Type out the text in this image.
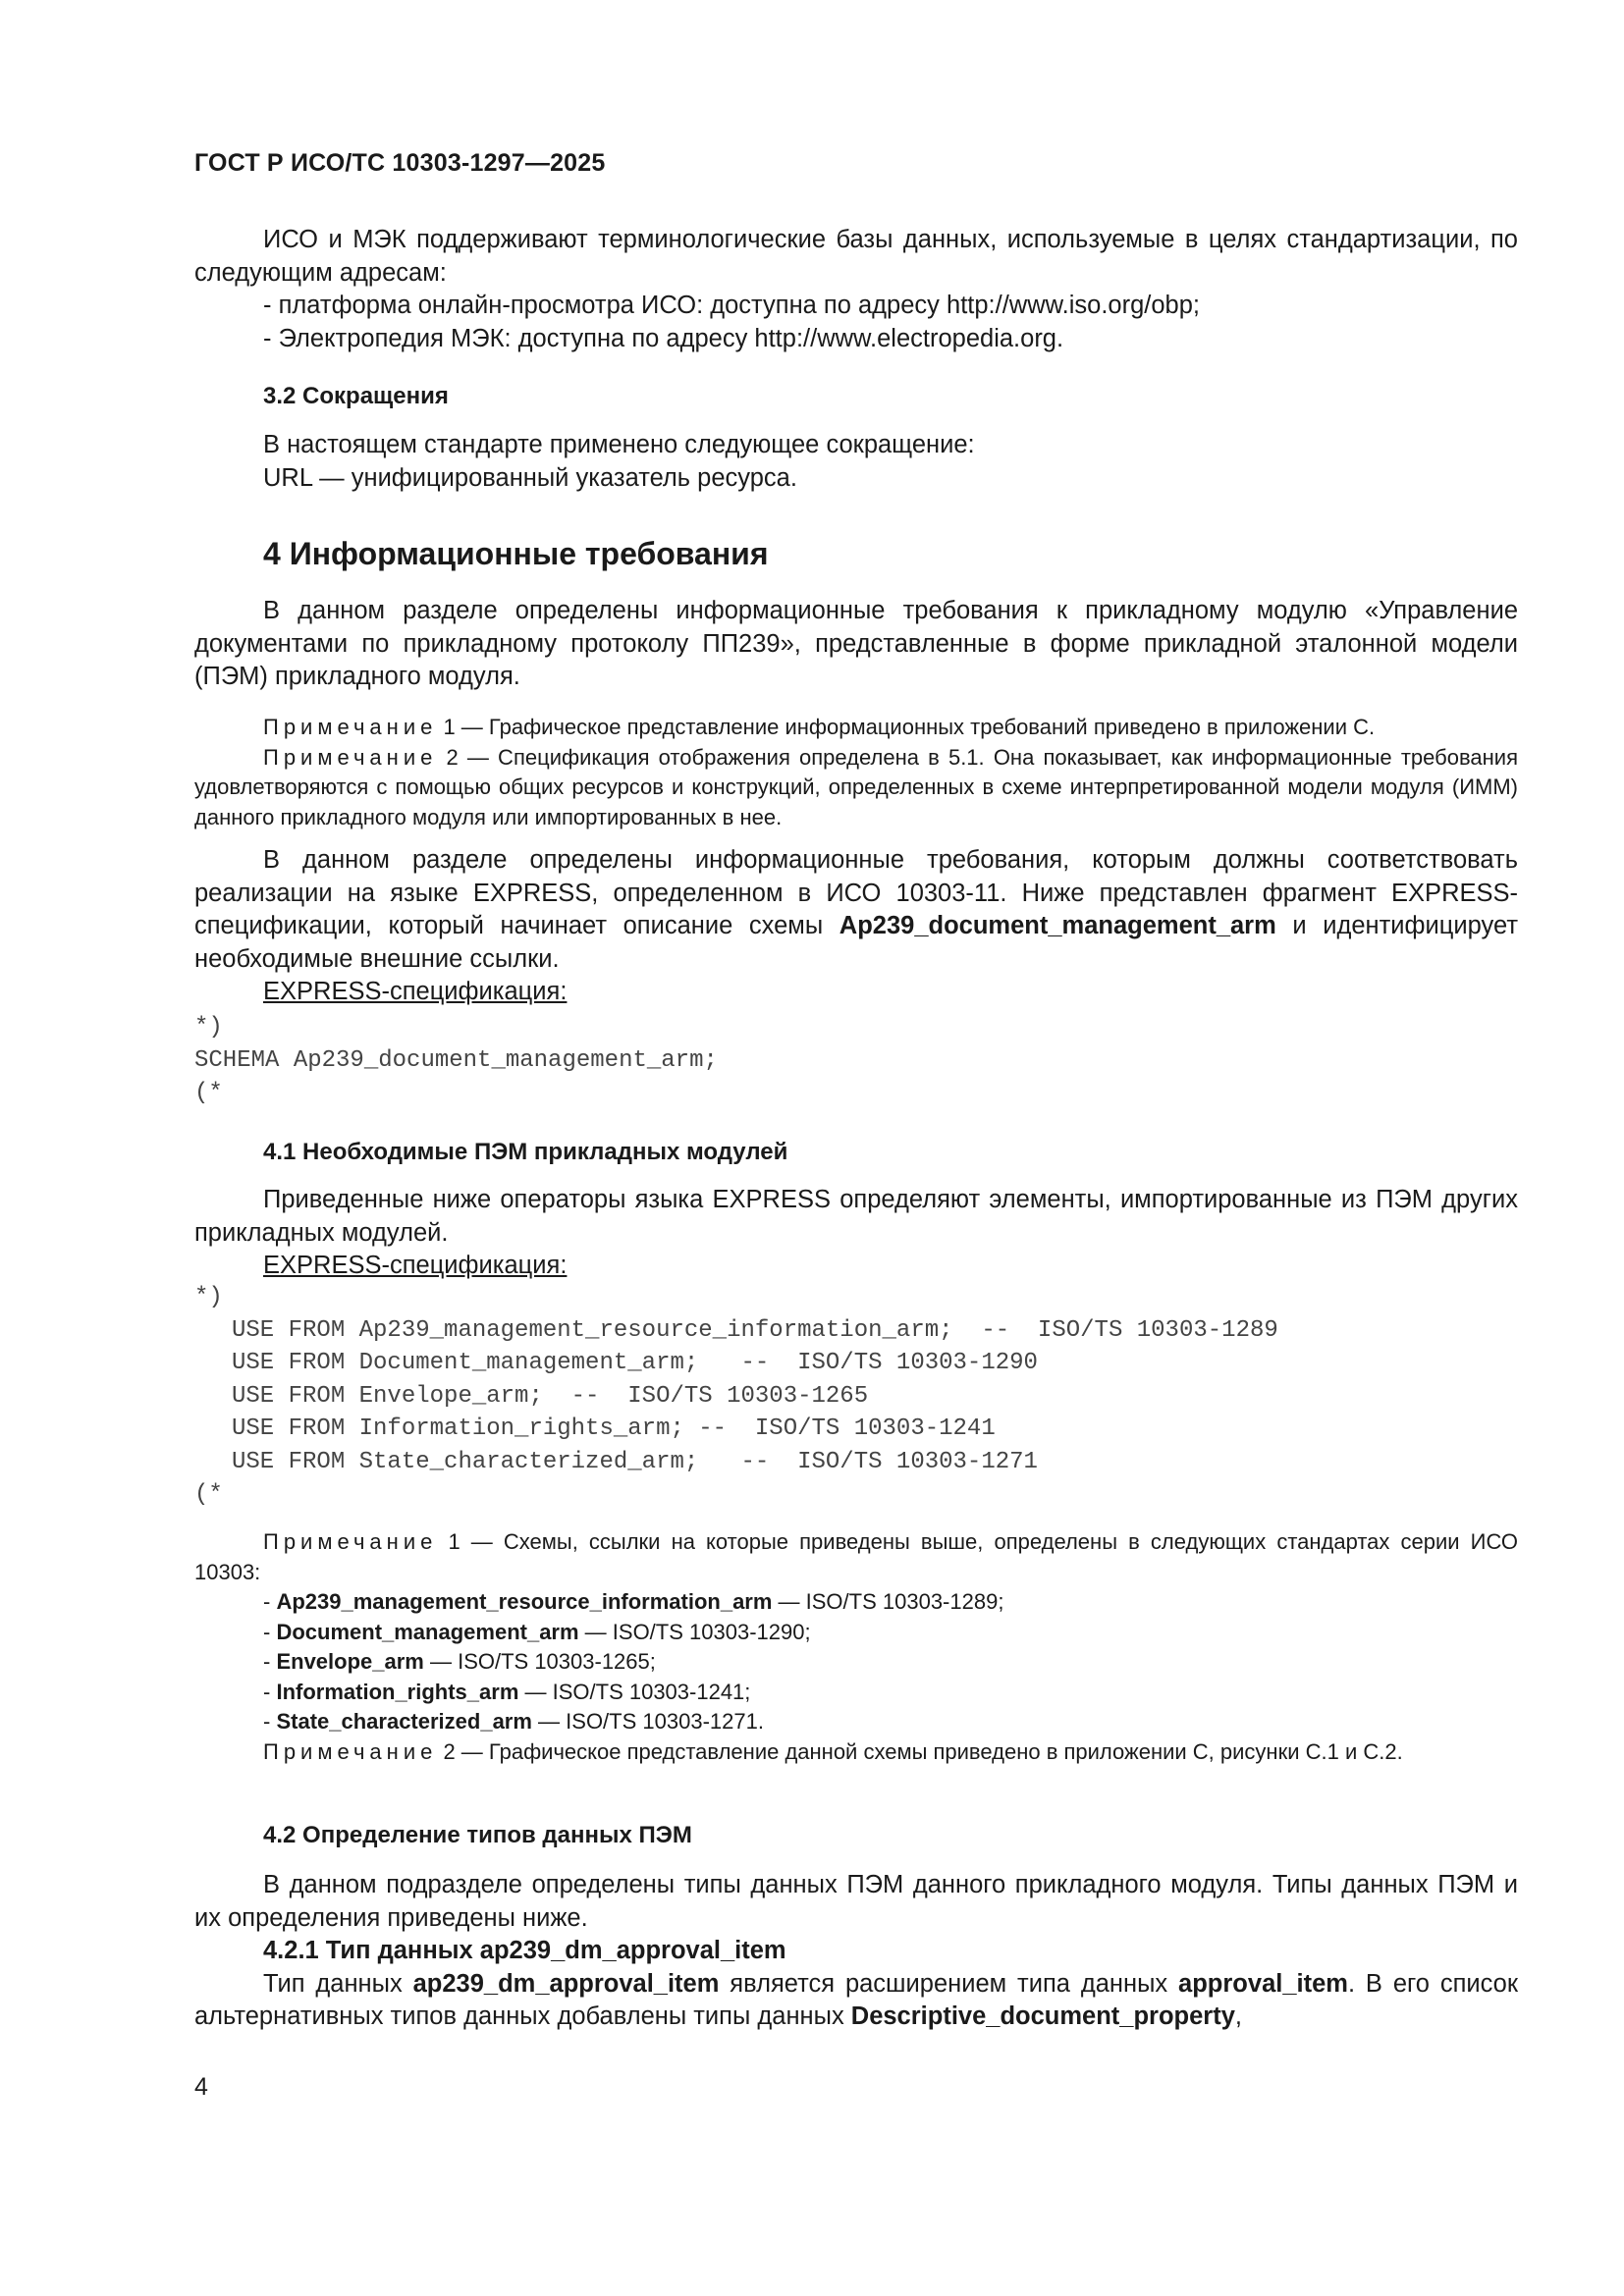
ГОСТ Р ИСО/ТС 10303-1297—2025

ИСО и МЭК поддерживают терминологические базы данных, используемые в целях стандартизации, по следующим адресам:

- платформа онлайн-просмотра ИСО: доступна по адресу http://www.iso.org/obp;

- Электропедия МЭК: доступна по адресу http://www.electropedia.org.

3.2 Сокращения

В настоящем стандарте применено следующее сокращение:

URL — унифицированный указатель ресурса.

4 Информационные требования

В данном разделе определены информационные требования к прикладному модулю «Управление документами по прикладному протоколу ПП239», представленные в форме прикладной эталонной модели (ПЭМ) прикладного модуля.

Примечание 1 — Графическое представление информационных требований приведено в приложении C.

Примечание 2 — Спецификация отображения определена в 5.1. Она показывает, как информационные требования удовлетворяются с помощью общих ресурсов и конструкций, определенных в схеме интерпретированной модели модуля (ИММ) данного прикладного модуля или импортированных в нее.

В данном разделе определены информационные требования, которым должны соответствовать реализации на языке EXPRESS, определенном в ИСО 10303-11. Ниже представлен фрагмент EXPRESS-спецификации, который начинает описание схемы Ap239_document_management_arm и идентифицирует необходимые внешние ссылки.

EXPRESS-спецификация:

*)

SCHEMA Ap239_document_management_arm;

(*

4.1 Необходимые ПЭМ прикладных модулей

Приведенные ниже операторы языка EXPRESS определяют элементы, импортированные из ПЭМ других прикладных модулей.

EXPRESS-спецификация:

*)

USE FROM Ap239_management_resource_information_arm;  --  ISO/TS 10303-1289

USE FROM Document_management_arm;   --  ISO/TS 10303-1290

USE FROM Envelope_arm;  --  ISO/TS 10303-1265

USE FROM Information_rights_arm; --  ISO/TS 10303-1241

USE FROM State_characterized_arm;   --  ISO/TS 10303-1271

(*

Примечание 1 — Схемы, ссылки на которые приведены выше, определены в следующих стандартах серии ИСО 10303:

- Ap239_management_resource_information_arm — ISO/TS 10303-1289;

- Document_management_arm — ISO/TS 10303-1290;

- Envelope_arm — ISO/TS 10303-1265;

- Information_rights_arm — ISO/TS 10303-1241;

- State_characterized_arm — ISO/TS 10303-1271.

Примечание 2 — Графическое представление данной схемы приведено в приложении C, рисунки C.1 и C.2.

4.2 Определение типов данных ПЭМ

В данном подразделе определены типы данных ПЭМ данного прикладного модуля. Типы данных ПЭМ и их определения приведены ниже.

4.2.1 Тип данных ap239_dm_approval_item

Тип данных ap239_dm_approval_item является расширением типа данных approval_item. В его список альтернативных типов данных добавлены типы данных Descriptive_document_property,

4
